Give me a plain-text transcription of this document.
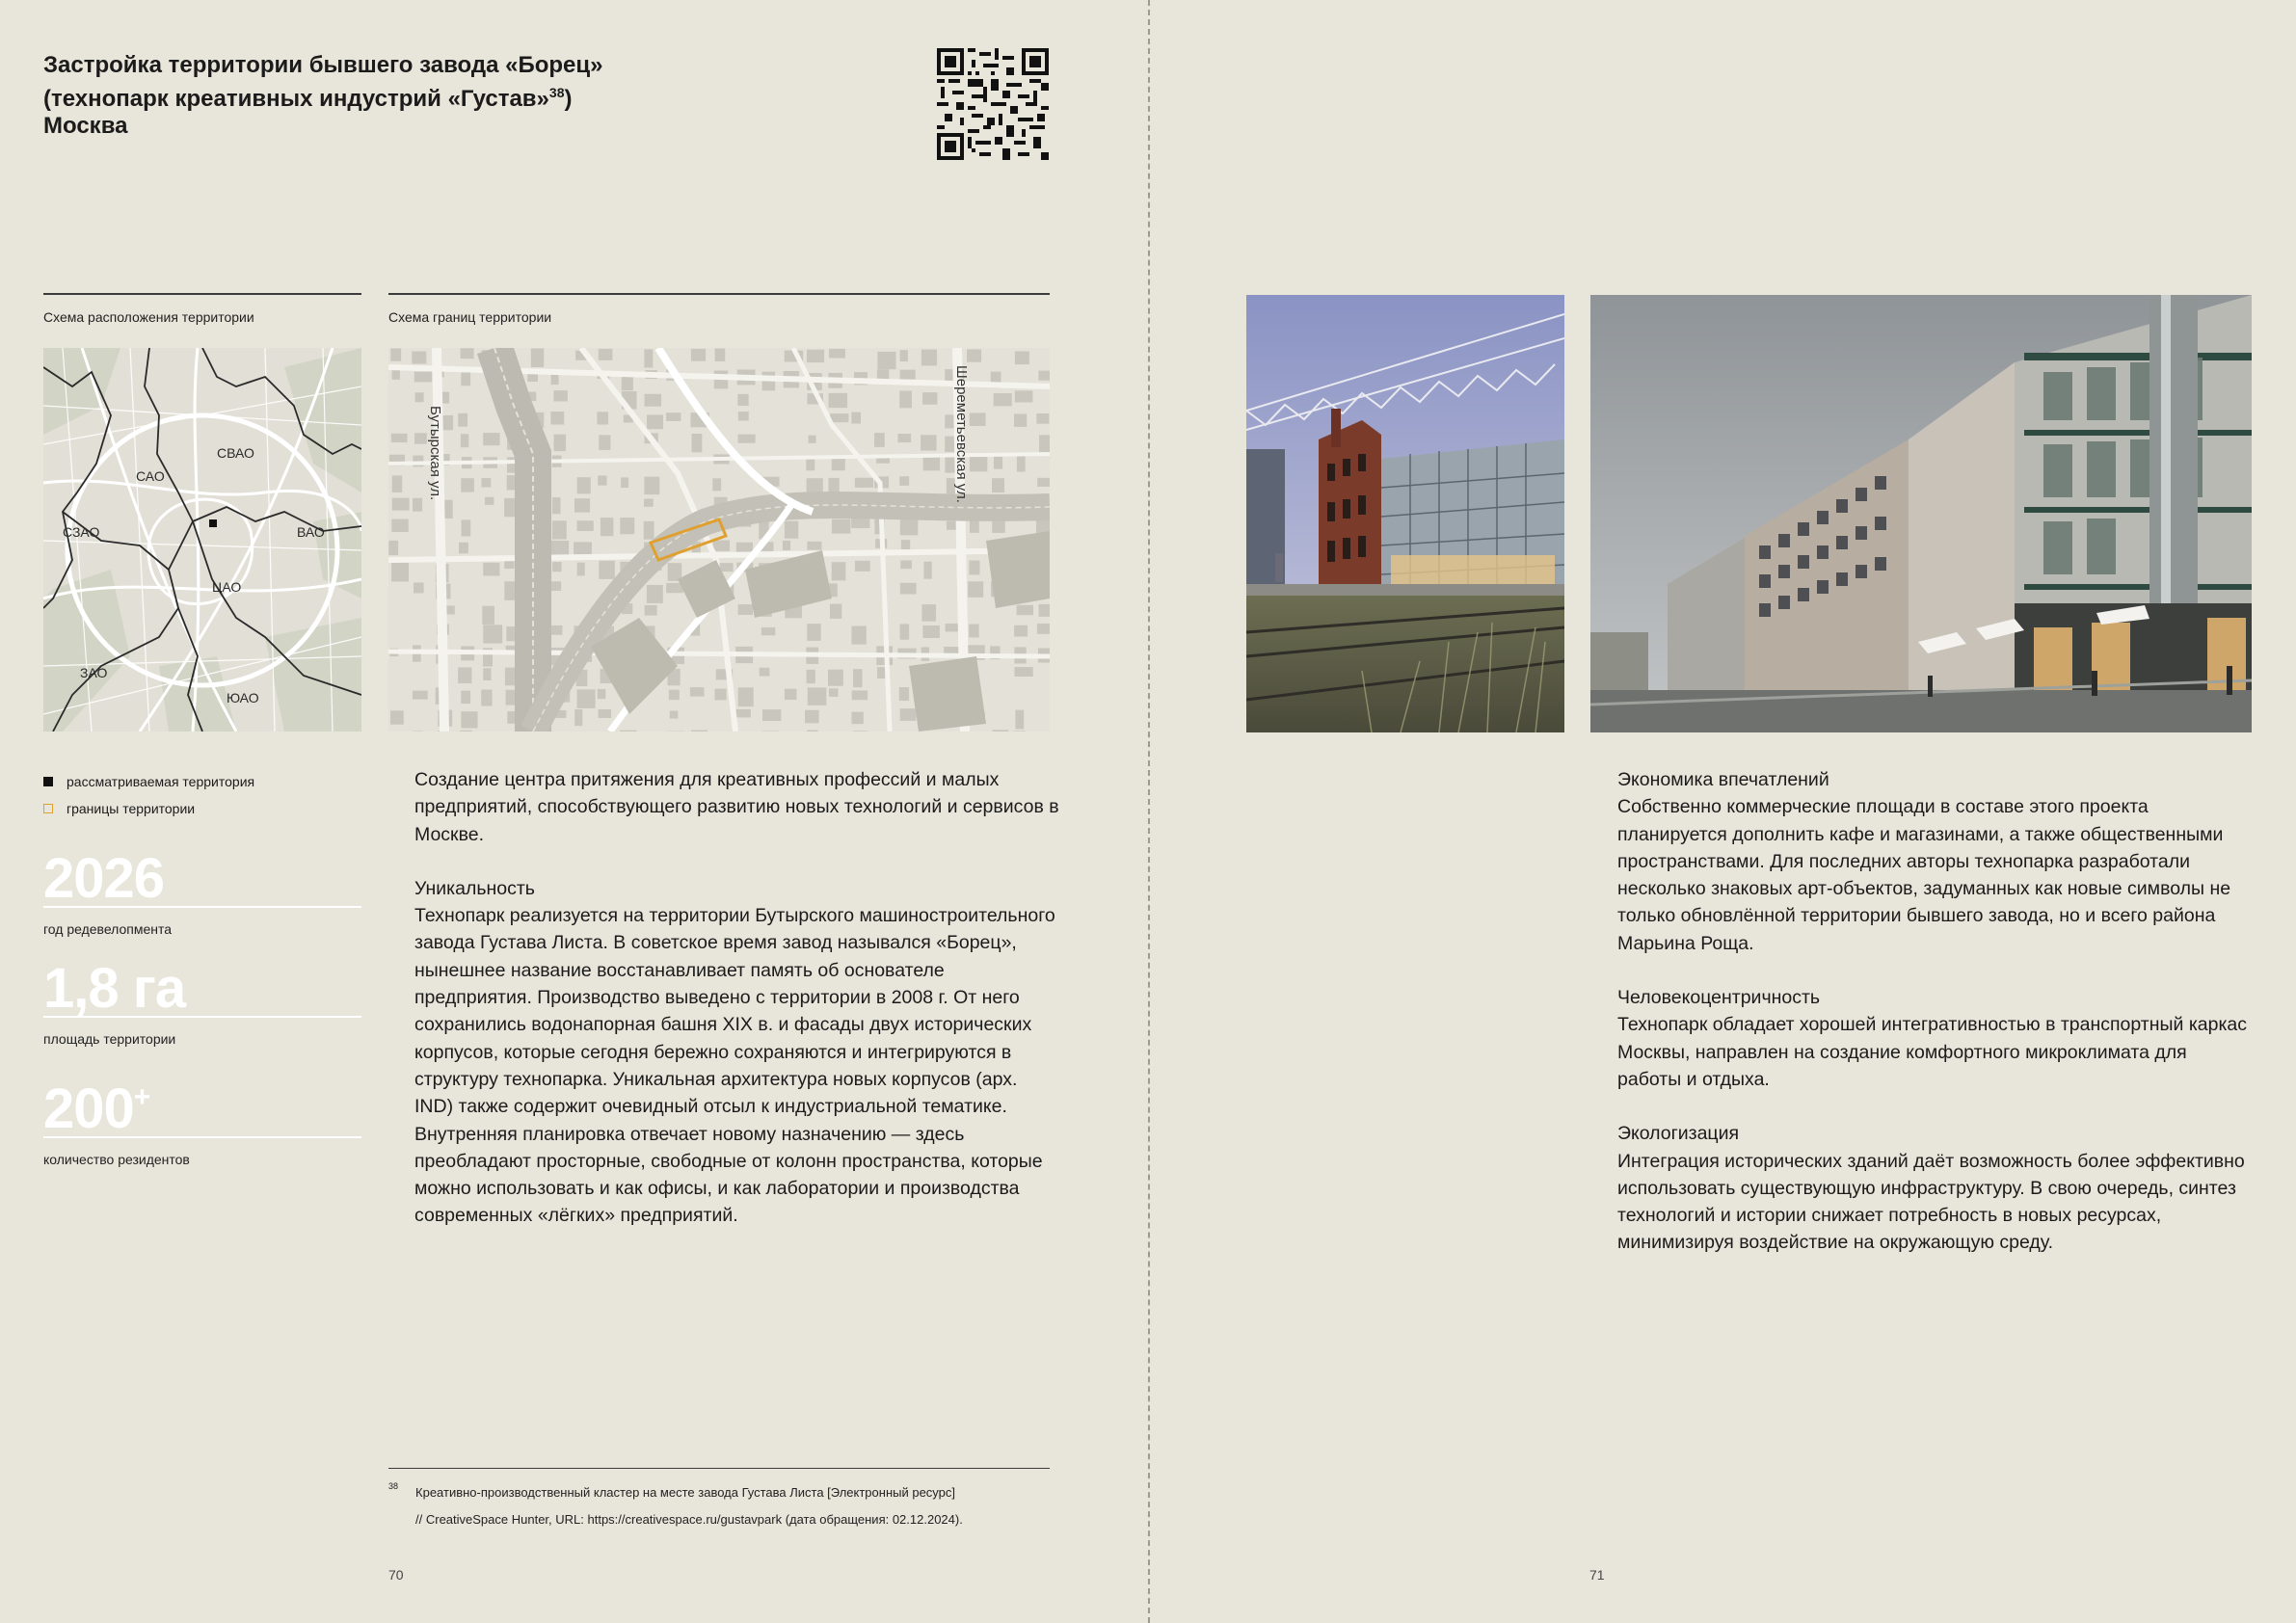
Застройка территории бывшего завода «Борец»
(технопарк креативных индустрий «Густав»$^{38}$)
Москва
Схема расположения территории	Схема границ территории
СВАО
САО
СЗАО	ВАО
ЦАО
ЗАО
ЮАО
Бутырская ул.	Шереметьевская ул.
рассматриваемая территория
границы территории
2026
год редевелопмента
1,8 га
площадь территории
200+
количество резидентов

Создание центра притяжения для креативных профессий и малых предприятий, способствующего развитию новых технологий и сервисов в Москве.

Уникальность

Технопарк реализуется на территории Бутырского машиностроительного завода Густава Листа. В советское время завод назывался «Борец», нынешнее название восстанавливает память об основателе предприятия. Производство выведено с территории в 2008 г. От него сохранились водонапорная башня XIX в. и фасады двух исторических корпусов, которые сегодня бережно сохраняются и интегрируются в структуру технопарка. Уникальная архитектура новых корпусов (арх. IND) также содержит очевидный отсыл к индустриальной тематике. Внутренняя планировка отвечает новому назначению — здесь преобладают просторные, свободные от колонн пространства, которые можно использовать и как офисы, и как лаборатории и производства современных «лёгких» предприятий.

38 Креативно-производственный кластер на месте завода Густава Листа [Электронный ресурс]
// CreativeSpace Hunter, URL: https://creativespace.ru/gustavpark (дата обращения: 02.12.2024).
70	71
Экономика впечатлений

Собственно коммерческие площади в составе этого проекта планируется дополнить кафе и магазинами, а также общественными пространствами. Для последних авторы технопарка разработали несколько знаковых арт-объектов, задуманных как новые символы не только обновлённой территории бывшего завода, но и всего района Марьина Роща.

Человекоцентричность

Технопарк обладает хорошей интегративностью в транспортный каркас Москвы, направлен на создание комфортного микроклимата для работы и отдыха.

Экологизация

Интеграция исторических зданий даёт возможность более эффективно использовать существующую инфраструктуру. В свою очередь, синтез технологий и истории снижает потребность в новых ресурсах, минимизируя воздействие на окружающую среду.
